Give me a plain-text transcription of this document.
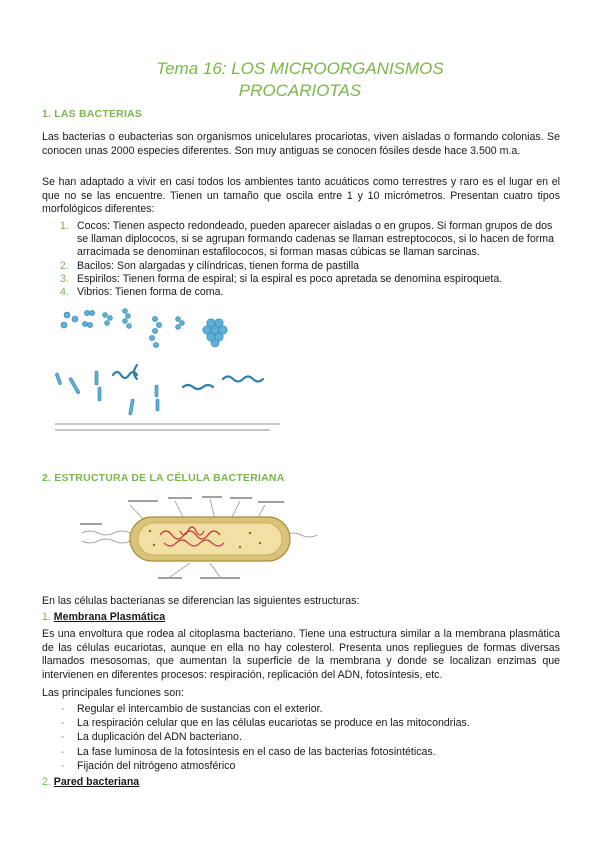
Tema 16: LOS MICROORGANISMOS
PROCARIOTAS
1. LAS BACTERIAS

Las bacterias o eubacterias son organismos unicelulares procariotas, viven aisladas o formando colonias. Se conocen unas 2000 especies diferentes. Son muy antiguas se conocen fósiles desde hace 3.500 m.a.

Se han adaptado a vivir en casi todos los ambientes tanto acuáticos como terrestres y raro es el lugar en el que no se las encuentre. Tienen un tamaño que oscila entre 1 y 10 micrómetros. Presentan cuatro tipos morfológicos diferentes:

1. Cocos: Tienen aspecto redondeado, pueden aparecer aisladas o en grupos. Si forman grupos de dos se llaman diplococos, si se agrupan formando cadenas se llaman estreptococos, si lo hacen de forma arracimada se denominan estafilococos, si forman masas cúbicas se llaman sarcinas.
2. Bacilos: Son alargadas y cilíndricas, tienen forma de pastilla
3. Espirilos: Tienen forma de espiral; si la espiral es poco apretada se denomina espiroqueta.
4. Vibrios: Tienen forma de coma.
2. ESTRUCTURA DE LA CÉLULA BACTERIANA

En las células bacterianas se diferencian las siguientes estructuras:

1. Membrana Plasmática

Es una envoltura que rodea al citoplasma bacteriano. Tiene una estructura similar a la membrana plasmática de las células eucariotas, aunque en ella no hay colesterol. Presenta unos repliegues de formas diversas llamados mesosomas, que aumentan la superficie de la membrana y donde se localizan enzimas que intervienen en diferentes procesos: respiración, replicación del ADN, fotosíntesis, etc.

Las principales funciones son:

- Regular el intercambio de sustancias con el exterior.
- La respiración celular que en las células eucariotas se produce en las mitocondrias.
- La duplicación del ADN bacteriano.
- La fase luminosa de la fotosíntesis en el caso de las bacterias fotosintéticas.
- Fijación del nitrógeno atmosférico
2. Pared bacteriana
